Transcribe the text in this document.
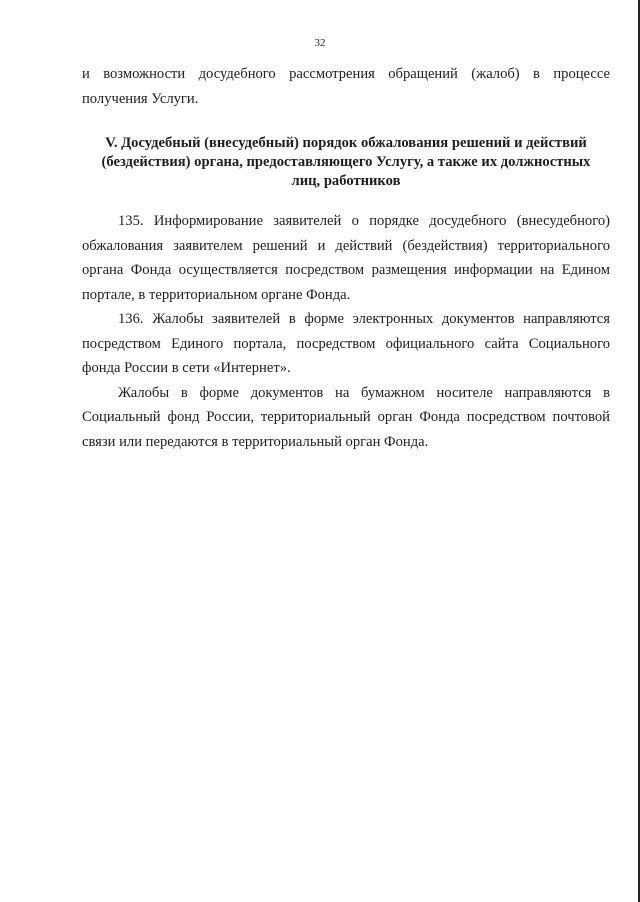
32

и возможности досудебного рассмотрения обращений (жалоб) в процессе

получения Услуги.

V. Досудебный (внесудебный) порядок обжалования решений и действий
(бездействия) органа, предоставляющего Услугу, а также их должностных
лиц, работников

135. Информирование заявителей о порядке досудебного (внесудебного) обжалования заявителем решений и действий (бездействия) территориального органа Фонда осуществляется посредством размещения информации на Едином портале, в территориальном органе Фонда.

136. Жалобы заявителей в форме электронных документов направляются посредством Единого портала, посредством официального сайта Социального фонда России в сети «Интернет».

Жалобы в форме документов на бумажном носителе направляются в Социальный фонд России, территориальный орган Фонда посредством почтовой связи или передаются в территориальный орган Фонда.
